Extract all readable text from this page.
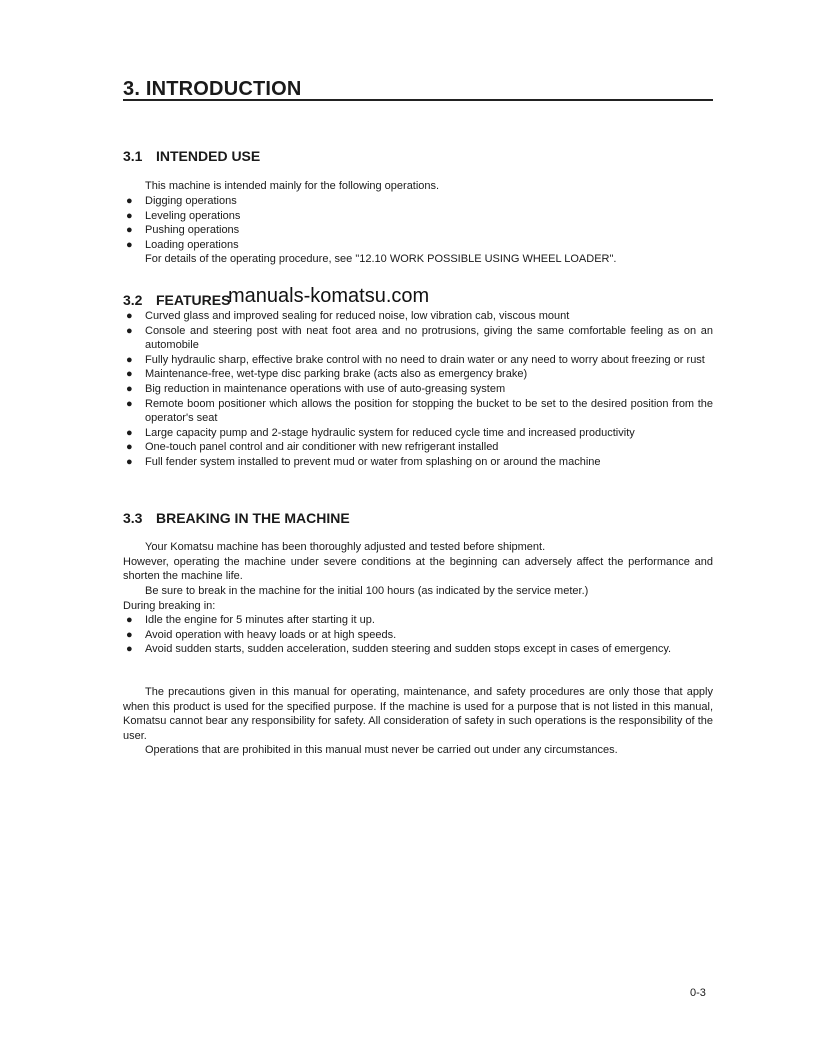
3. INTRODUCTION
3.1 INTENDED USE
This machine is intended mainly for the following operations.
● Digging operations
● Leveling operations
● Pushing operations
● Loading operations
For details of the operating procedure, see "12.10 WORK POSSIBLE USING WHEEL LOADER".
3.2 FEATURES
manuals-komatsu.com
● Curved glass and improved sealing for reduced noise, low vibration cab, viscous mount
● Console and steering post with neat foot area and no protrusions, giving the same comfortable feeling as on an automobile
● Fully hydraulic sharp, effective brake control with no need to drain water or any need to worry about freezing or rust
● Maintenance-free, wet-type disc parking brake (acts also as emergency brake)
● Big reduction in maintenance operations with use of auto-greasing system
● Remote boom positioner which allows the position for stopping the bucket to be set to the desired position from the operator's seat
● Large capacity pump and 2-stage hydraulic system for reduced cycle time and increased productivity
● One-touch panel control and air conditioner with new refrigerant installed
● Full fender system installed to prevent mud or water from splashing on or around the machine
3.3 BREAKING IN THE MACHINE
Your Komatsu machine has been thoroughly adjusted and tested before shipment.
However, operating the machine under severe conditions at the beginning can adversely affect the performance and shorten the machine life.
Be sure to break in the machine for the initial 100 hours (as indicated by the service meter.)
During breaking in:
● Idle the engine for 5 minutes after starting it up.
● Avoid operation with heavy loads or at high speeds.
● Avoid sudden starts, sudden acceleration, sudden steering and sudden stops except in cases of emergency.
The precautions given in this manual for operating, maintenance, and safety procedures are only those that apply when this product is used for the specified purpose. If the machine is used for a purpose that is not listed in this manual, Komatsu cannot bear any responsibility for safety. All consideration of safety in such operations is the responsibility of the user.
Operations that are prohibited in this manual must never be carried out under any circumstances.
0-3
